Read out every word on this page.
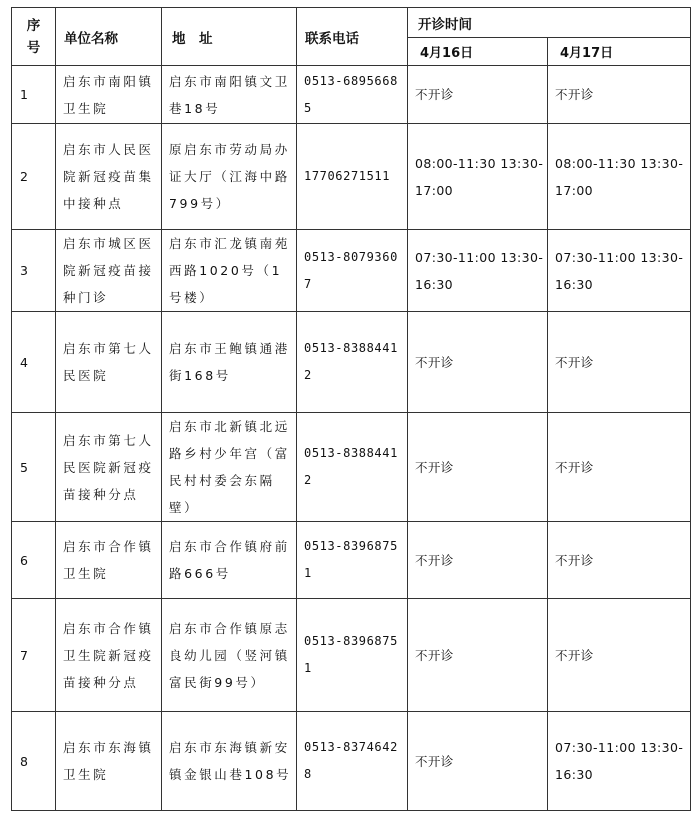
序号	单位名称	地　址	联系电话	开诊时间	
				4月16日	4月17日
1	启东市南阳镇卫生院	启东市南阳镇文卫巷18号	0513-68956685	不开诊	不开诊
2	启东市人民医院新冠疫苗集中接种点	原启东市劳动局办证大厅（江海中路799号）	17706271511	08:00-11:30 13:30-17:00	08:00-11:30 13:30-17:00
3	启东市城区医院新冠疫苗接种门诊	启东市汇龙镇南苑西路1020号（1号楼）	0513-80793607	07:30-11:00 13:30-16:30	07:30-11:00 13:30-16:30
4	启东市第七人民医院	启东市王鲍镇通港街168号	0513-83884412	不开诊	不开诊
5	启东市第七人民医院新冠疫苗接种分点	启东市北新镇北远路乡村少年宫（富民村村委会东隔壁）	0513-83884412	不开诊	不开诊
6	启东市合作镇卫生院	启东市合作镇府前路666号	0513-83968751	不开诊	不开诊
7	启东市合作镇卫生院新冠疫苗接种分点	启东市合作镇原志良幼儿园（竖河镇富民街99号）	0513-83968751	不开诊	不开诊
8	启东市东海镇卫生院	启东市东海镇新安镇金银山巷108号	0513-83746428	不开诊	07:30-11:00 13:30-16:30
